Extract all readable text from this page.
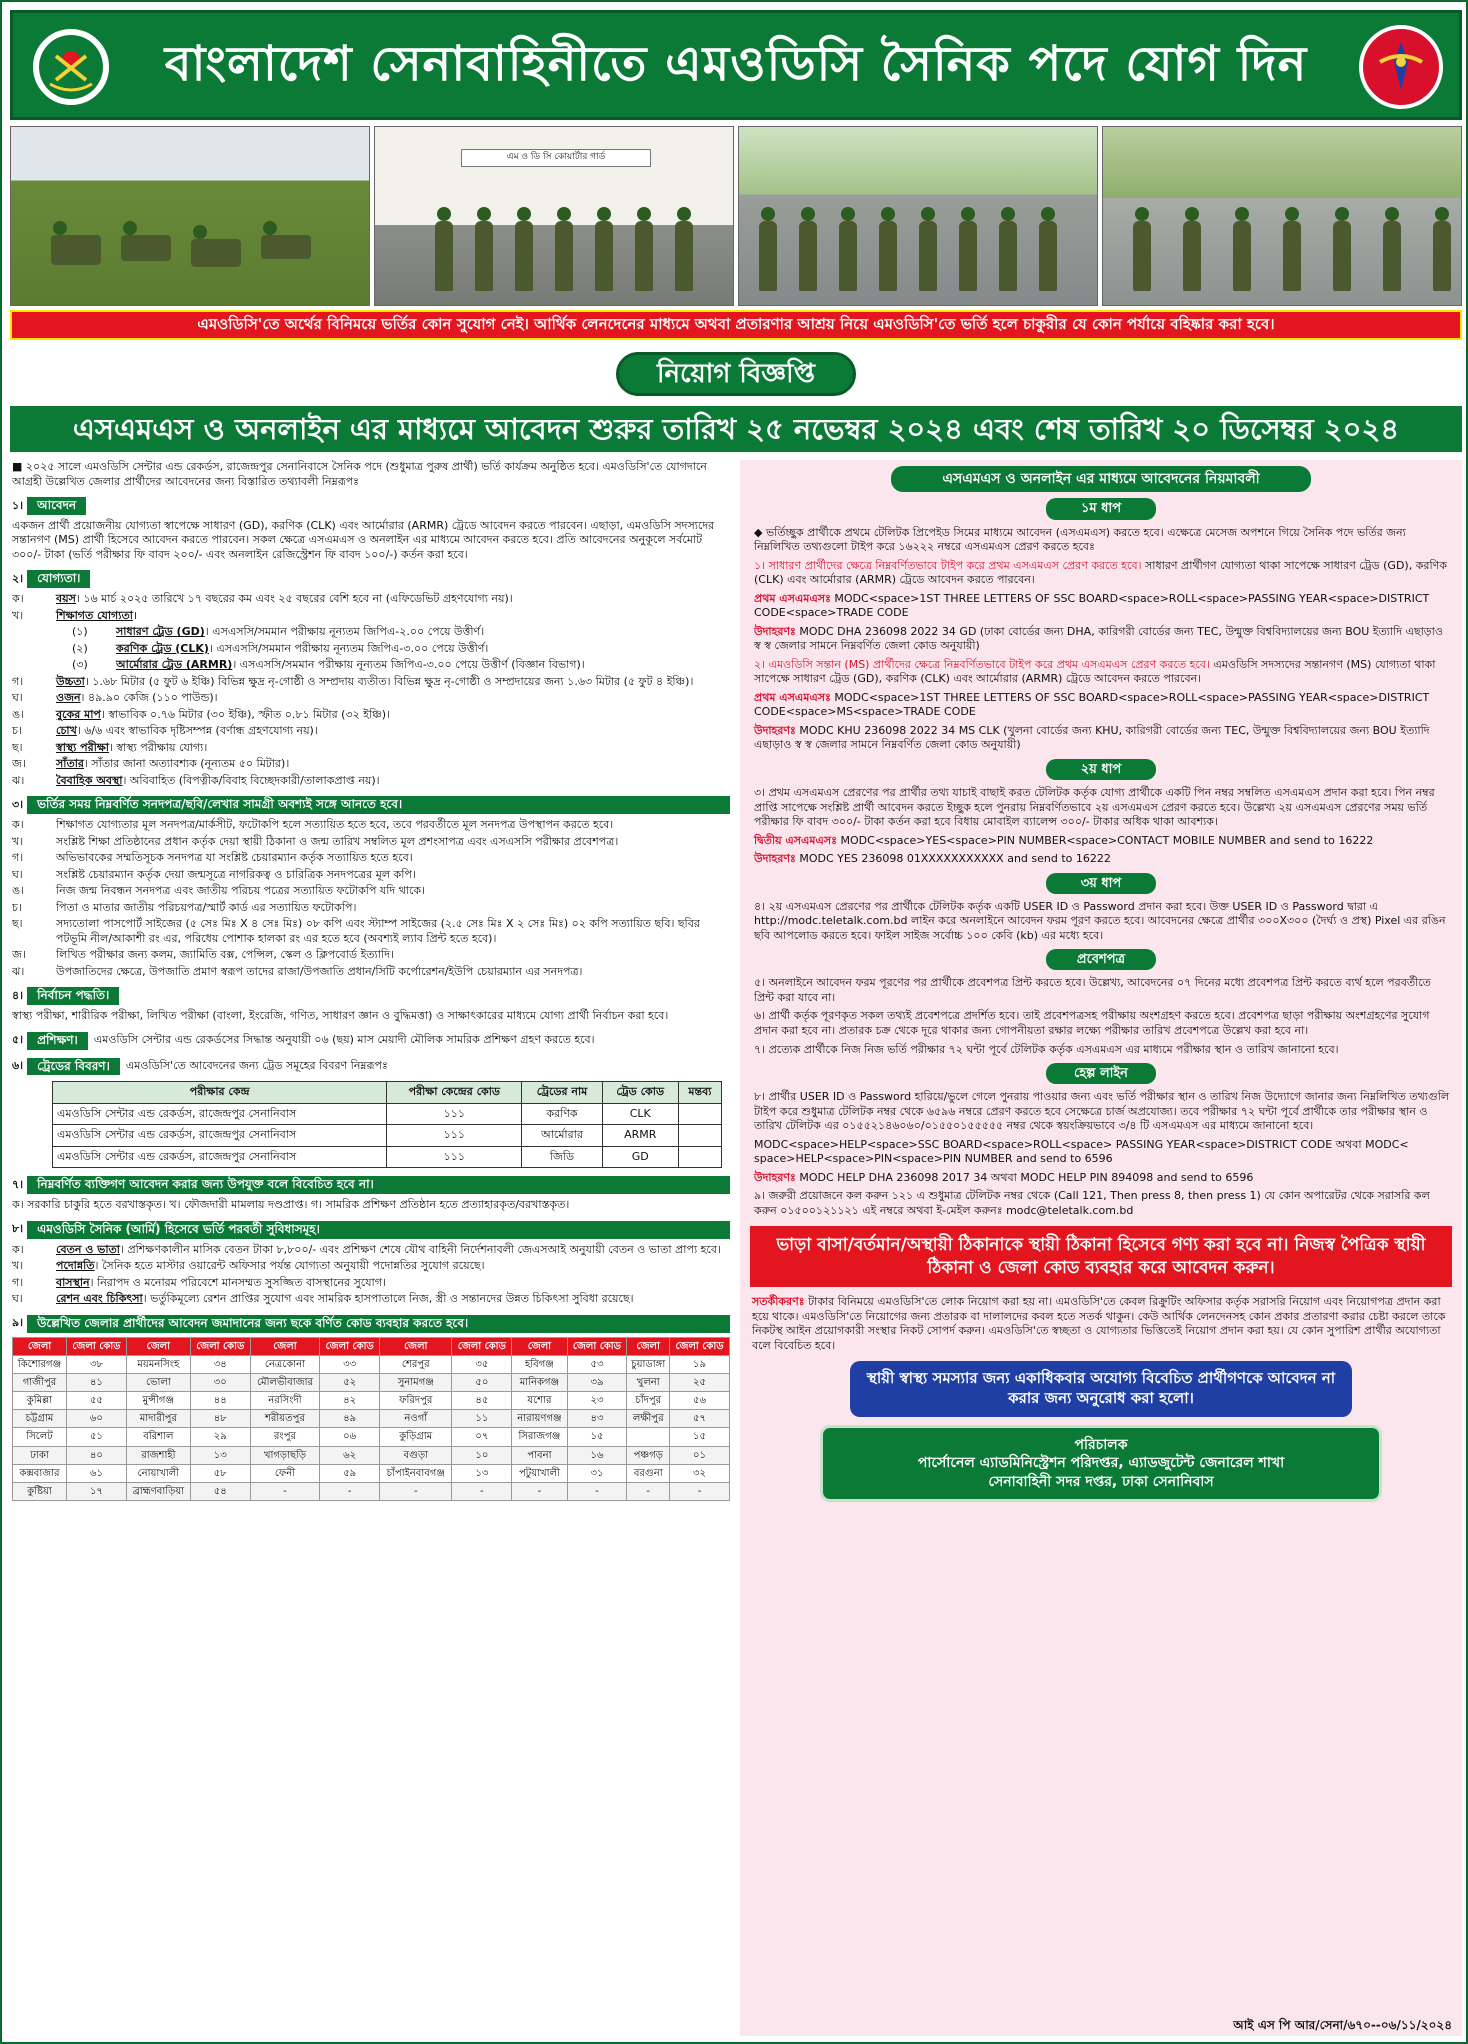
বাংলাদেশ সেনাবাহিনীতে এমওডিসি সৈনিক পদে যোগ দিন
এম ও ডি সি কোয়ার্টার গার্ড
এমওডিসি'তে অর্থের বিনিময়ে ভর্তির কোন সুযোগ নেই। আর্থিক লেনদেনের মাধ্যমে অথবা প্রতারণার আশ্রয় নিয়ে এমওডিসি'তে ভর্তি হলে চাকুরীর যে কোন পর্যায়ে বহিষ্কার করা হবে।
নিয়োগ বিজ্ঞপ্তি
এসএমএস ও অনলাইন এর মাধ্যমে আবেদন শুরুর তারিখ ২৫ নভেম্বর ২০২৪ এবং শেষ তারিখ ২০ ডিসেম্বর ২০২৪
■ ২০২৫ সালে এমওডিসি সেন্টার এন্ড রেকর্ডস, রাজেন্দ্রপুর সেনানিবাসে সৈনিক পদে (শুধুমাত্র পুরুষ প্রার্থী) ভর্তি কার্যক্রম অনুষ্ঠিত হবে। এমওডিসি'তে যোগদানে আগ্রহী উল্লেখিত জেলার প্রার্থীদের আবেদনের জন্য বিস্তারিত তথ্যাবলী নিম্নরূপঃ
১।	আবেদন
একজন প্রার্থী প্রয়োজনীয় যোগ্যতা স্বাপেক্ষে সাধারণ (GD), করণিক (CLK) এবং আর্মোরার (ARMR) ট্রেডে আবেদন করতে পারবেন। এছাড়া, এমওডিসি সদস্যদের সন্তানগণ (MS) প্রার্থী হিসেবে আবেদন করতে পারবেন। সকল ক্ষেত্রে এসএমএস ও অনলাইন এর মাধ্যমে আবেদন করতে হবে। প্রতি আবেদনের অনুকূলে সর্বমোট ৩০০/- টাকা (ভর্তি পরীক্ষার ফি বাবদ ২০০/- এবং অনলাইন রেজিস্ট্রেশন ফি বাবদ ১০০/-) কর্তন করা হবে।
২।	যোগ্যতা।
ক।	বয়স। ১৬ মার্চ ২০২৫ তারিখে ১৭ বছরের কম এবং ২৫ বছরের বেশি হবে না (এফিডেভিট গ্রহণযোগ্য নয়)।
খ।	শিক্ষাগত যোগ্যতা।
(১)	সাধারণ ট্রেড (GD)। এসএসসি/সমমান পরীক্ষায় নূন্যতম জিপিএ-২.০০ পেয়ে উত্তীর্ণ।
(২)	করণিক ট্রেড (CLK)। এসএসসি/সমমান পরীক্ষায় নূন্যতম জিপিএ-৩.০০ পেয়ে উত্তীর্ণ।
(৩)	আর্মোরার ট্রেড (ARMR)। এসএসসি/সমমান পরীক্ষায় নূন্যতম জিপিএ-৩.০০ পেয়ে উত্তীর্ণ (বিজ্ঞান বিভাগ)।
গ।	উচ্চতা। ১.৬৮ মিটার (৫ ফুট ৬ ইঞ্চি) বিভিন্ন ক্ষুদ্র নৃ-গোষ্ঠী ও সম্প্রদায় ব্যতীত। বিভিন্ন ক্ষুদ্র নৃ-গোষ্ঠী ও সম্প্রদায়ের জন্য ১.৬৩ মিটার (৫ ফুট ৪ ইঞ্চি)।
ঘ।	ওজন। ৪৯.৯০ কেজি (১১০ পাউন্ড)।
ঙ।	বুকের মাপ। স্বাভাবিক ০.৭৬ মিটার (৩০ ইঞ্চি), স্ফীত ০.৮১ মিটার (৩২ ইঞ্চি)।
চ।	চোখ। ৬/৬ এবং স্বাভাবিক দৃষ্টিসম্পন্ন (বর্ণান্ধ গ্রহণযোগ্য নয়)।
ছ।	স্বাস্থ্য পরীক্ষা। স্বাস্থ্য পরীক্ষায় যোগ্য।
জ।	সাঁতার। সাঁতার জানা অত্যাবশ্যক (নূন্যতম ৫০ মিটার)।
ঝ।	বৈবাহিক অবস্থা। অবিবাহিত (বিপত্নীক/বিবাহ বিচ্ছেদকারী/তালাকপ্রাপ্ত নয়)।
৩।	ভর্তির সময় নিম্নবর্ণিত সনদপত্র/ছবি/লেখার সামগ্রী অবশ্যই সঙ্গে আনতে হবে।
ক।	শিক্ষাগত যোগ্যতার মূল সনদপত্র/মার্কসীট, ফটোকপি হলে সত্যায়িত হতে হবে, তবে পরবর্তীতে মূল সনদপত্র উপস্থাপন করতে হবে।
খ।	সংশ্লিষ্ট শিক্ষা প্রতিষ্ঠানের প্রধান কর্তৃক দেয়া স্থায়ী ঠিকানা ও জন্ম তারিখ সম্বলিত মূল প্রশংসাপত্র এবং এসএসসি পরীক্ষার প্রবেশপত্র।
গ।	অভিভাবকের সম্মতিসূচক সনদপত্র যা সংশ্লিষ্ট চেয়ারম্যান কর্তৃক সত্যায়িত হতে হবে।
ঘ।	সংশ্লিষ্ট চেয়ারম্যান কর্তৃক দেয়া জন্মসূত্রে নাগরিকত্ব ও চারিত্রিক সনদপত্রের মূল কপি।
ঙ।	নিজ জন্ম নিবন্ধন সনদপত্র এবং জাতীয় পরিচয় পত্রের সত্যায়িত ফটোকপি যদি থাকে।
চ।	পিতা ও মাতার জাতীয় পরিচয়পত্র/স্মার্ট কার্ড এর সত্যায়িত ফটোকপি।
ছ।	সদ্যতোলা পাসপোর্ট সাইজের (৫ সেঃ মিঃ X ৪ সেঃ মিঃ) ০৮ কপি এবং স্ট্যাম্প সাইজের (২.৫ সেঃ মিঃ X ২ সেঃ মিঃ) ০২ কপি সত্যায়িত ছবি। ছবির পটভূমি নীল/আকাশী রং এর, পরিধেয় পোশাক হালকা রং এর হতে হবে (অবশ্যই ল্যাব প্রিন্ট হতে হবে)।
জ।	লিখিত পরীক্ষার জন্য কলম, জ্যামিতি বক্স, পেন্সিল, স্কেল ও ক্লিপবোর্ড ইত্যাদি।
ঝ।	উপজাতিদের ক্ষেত্রে, উপজাতি প্রমাণ স্বরূপ তাদের রাজা/উপজাতি প্রধান/সিটি কর্পোরেশন/ইউপি চেয়ারম্যান এর সনদপত্র।
৪।	নির্বাচন পদ্ধতি।
স্বাস্থ্য পরীক্ষা, শারীরিক পরীক্ষা, লিখিত পরীক্ষা (বাংলা, ইংরেজি, গণিত, সাধারণ জ্ঞান ও বুদ্ধিমত্তা) ও সাক্ষাৎকারের মাধ্যমে যোগ্য প্রার্থী নির্বাচন করা হবে।
৫।	প্রশিক্ষণ।	এমওডিসি সেন্টার এন্ড রেকর্ডসের সিদ্ধান্ত অনুযায়ী ০৬ (ছয়) মাস মেয়াদী মৌলিক সামরিক প্রশিক্ষণ গ্রহণ করতে হবে।
৬।	ট্রেডের বিবরণ।	এমওডিসি'তে আবেদনের জন্য ট্রেড সমূহের বিবরণ নিম্নরূপঃ
পরীক্ষার কেন্দ্র	পরীক্ষা কেন্দ্রের কোড	ট্রেডের নাম	ট্রেড কোড	মন্তব্য
এমওডিসি সেন্টার এন্ড রেকর্ডস, রাজেন্দ্রপুর সেনানিবাস	১১১	করণিক	CLK	
এমওডিসি সেন্টার এন্ড রেকর্ডস, রাজেন্দ্রপুর সেনানিবাস	১১১	আর্মোরার	ARMR	
এমওডিসি সেন্টার এন্ড রেকর্ডস, রাজেন্দ্রপুর সেনানিবাস	১১১	জিডি	GD	
৭।	নিম্নবর্ণিত ব্যক্তিগণ আবেদন করার জন্য উপযুক্ত বলে বিবেচিত হবে না।
ক। সরকারি চাকুরি হতে বরখাস্তকৃত। খ। ফৌজদারী মামলায় দণ্ডপ্রাপ্ত। গ। সামরিক প্রশিক্ষণ প্রতিষ্ঠান হতে প্রত্যাহারকৃত/বরখাস্তকৃত।
৮।	এমওডিসি সৈনিক (আর্মি) হিসেবে ভর্তি পরবর্তী সুবিধাসমূহ।
ক।	বেতন ও ভাতা। প্রশিক্ষণকালীন মাসিক বেতন টাকা ৮,৮০০/- এবং প্রশিক্ষণ শেষে যৌথ বাহিনী নির্দেশনাবলী জেএসআই অনুযায়ী বেতন ও ভাতা প্রাপ্য হবে।
খ।	পদোন্নতি। সৈনিক হতে মাস্টার ওয়ারেন্ট অফিসার পর্যন্ত যোগ্যতা অনুযায়ী পদোন্নতির সুযোগ রয়েছে।
গ।	বাসস্থান। নিরাপদ ও মনোরম পরিবেশে মানসম্মত সুসজ্জিত বাসস্থানের সুযোগ।
ঘ।	রেশন এবং চিকিৎসা। ভর্তুকিমূল্যে রেশন প্রাপ্তির সুযোগ এবং সামরিক হাসপাতালে নিজ, স্ত্রী ও সন্তানদের উন্নত চিকিৎসা সুবিধা রয়েছে।
৯।	উল্লেখিত জেলার প্রার্থীদের আবেদন জমাদানের জন্য ছকে বর্ণিত কোড ব্যবহার করতে হবে।
জেলা	জেলা কোড	জেলা	জেলা কোড	জেলা	জেলা কোড	জেলা	জেলা কোড	জেলা	জেলা কোড	জেলা	জেলা কোড
কিশোরগঞ্জ	৩৮	ময়মনসিংহ	৩৪	নেত্রকোনা	৩৩	শেরপুর	৩৫	হবিগঞ্জ	৫৩	চুয়াডাঙ্গা	১৯
গাজীপুর	৪১	ভোলা	৩০	মৌলভীবাজার	৫২	সুনামগঞ্জ	৫০	মানিকগঞ্জ	৩৯	খুলনা	২৫
কুমিল্লা	৫৫	মুন্সীগঞ্জ	৪৪	নরসিংদী	৪২	ফরিদপুর	৪৫	যশোর	২৩	চাঁদপুর	৫৬
চট্টগ্রাম	৬০	মাদারীপুর	৪৮	শরীয়তপুর	৪৯	নওগাঁ	১১	নারায়ণগঞ্জ	৪৩	লক্ষীপুর	৫৭
সিলেট	৫১	বরিশাল	২৯	রংপুর	০৬	কুড়িগ্রাম	০৭	সিরাজগঞ্জ	১৫		১৫
ঢাকা	৪০	রাজশাহী	১৩	খাগড়াছড়ি	৬২	বগুড়া	১০	পাবনা	১৬	পঞ্চগড়	০১
কক্সবাজার	৬১	নোয়াখালী	৫৮	ফেনী	৫৯	চাঁপাইনবাবগঞ্জ	১৩	পটুয়াখালী	৩১	বরগুনা	৩২
কুষ্টিয়া	১৭	ব্রাহ্মণবাড়িয়া	৫৪	-	-	-	-	-	-	-	-
এসএমএস ও অনলাইন এর মাধ্যমে আবেদনের নিয়মাবলী
১ম ধাপ
◆ ভর্তিচ্ছুক প্রার্থীকে প্রথমে টেলিটক প্রিপেইড সিমের মাধ্যমে আবেদন (এসএমএস) করতে হবে। এক্ষেত্রে মেসেজ অপশনে গিয়ে সৈনিক পদে ভর্তির জন্য নিম্নলিখিত তথ্যগুলো টাইপ করে ১৬২২২ নম্বরে এসএমএস প্রেরণ করতে হবেঃ
১। সাধারণ প্রার্থীদের ক্ষেত্রে নিম্নবর্ণিতভাবে টাইপ করে প্রথম এসএমএস প্রেরণ করতে হবে। সাধারণ প্রার্থীগণ যোগ্যতা থাকা সাপেক্ষে সাধারণ ট্রেড (GD), করণিক (CLK) এবং আর্মোরার (ARMR) ট্রেডে আবেদন করতে পারবেন।
প্রথম এসএমএসঃ MODC<space>1ST THREE LETTERS OF SSC BOARD<space>ROLL<space>PASSING YEAR<space>DISTRICT CODE<space>TRADE CODE
উদাহরণঃ MODC DHA 236098 2022 34 GD (ঢাকা বোর্ডের জন্য DHA, কারিগরী বোর্ডের জন্য TEC, উন্মুক্ত বিশ্ববিদ্যালয়ের জন্য BOU ইত্যাদি এছাড়াও স্ব স্ব জেলার সামনে নিম্নবর্ণিত জেলা কোড অনুযায়ী)
২। এমওডিসি সন্তান (MS) প্রার্থীদের ক্ষেত্রে নিম্নবর্ণিতভাবে টাইপ করে প্রথম এসএমএস প্রেরণ করতে হবে। এমওডিসি সদস্যদের সন্তানগণ (MS) যোগ্যতা থাকা সাপেক্ষে সাধারণ ট্রেড (GD), করণিক (CLK) এবং আর্মোরার (ARMR) ট্রেডে আবেদন করতে পারবেন।
প্রথম এসএমএসঃ MODC<space>1ST THREE LETTERS OF SSC BOARD<space>ROLL<space>PASSING YEAR<space>DISTRICT CODE<space>MS<space>TRADE CODE
উদাহরণঃ MODC KHU 236098 2022 34 MS CLK (খুলনা বোর্ডের জন্য KHU, কারিগরী বোর্ডের জন্য TEC, উন্মুক্ত বিশ্ববিদ্যালয়ের জন্য BOU ইত্যাদি এছাড়াও স্ব স্ব জেলার সামনে নিম্নবর্ণিত জেলা কোড অনুযায়ী)
২য় ধাপ
৩। প্রথম এসএমএস প্রেরণের পর প্রার্থীর তথ্য যাচাই বাছাই করত টেলিটক কর্তৃক যোগ্য প্রার্থীকে একটি পিন নম্বর সম্বলিত এসএমএস প্রদান করা হবে। পিন নম্বর প্রাপ্তি সাপেক্ষে সংশ্লিষ্ট প্রার্থী আবেদন করতে ইচ্ছুক হলে পুনরায় নিম্নবর্ণিতভাবে ২য় এসএমএস প্রেরণ করতে হবে। উল্লেখ্য ২য় এসএমএস প্রেরণের সময় ভর্তি পরীক্ষার ফি বাবদ ৩০০/- টাকা কর্তন করা হবে বিধায় মোবাইল ব্যালেন্স ৩০০/- টাকার অধিক থাকা আবশ্যক।
দ্বিতীয় এসএমএসঃ MODC<space>YES<space>PIN NUMBER<space>CONTACT MOBILE NUMBER and send to 16222
উদাহরণঃ MODC YES 236098 01XXXXXXXXXXX and send to 16222
৩য় ধাপ
৪। ২য় এসএমএস প্রেরণের পর প্রার্থীকে টেলিটক কর্তৃক একটি USER ID ও Password প্রদান করা হবে। উক্ত USER ID ও Password দ্বারা এ http://modc.teletalk.com.bd লাইন করে অনলাইনে আবেদন ফরম পূরণ করতে হবে। আবেদনের ক্ষেত্রে প্রার্থীর ৩০০X৩০০ (দৈর্ঘ্য ও প্রস্থ) Pixel এর রঙিন ছবি আপলোড করতে হবে। ফাইল সাইজ সর্বোচ্চ ১০০ কেবি (kb) এর মধ্যে হবে।
প্রবেশপত্র
৫। অনলাইনে আবেদন ফরম পূরণের পর প্রার্থীকে প্রবেশপত্র প্রিন্ট করতে হবে। উল্লেখ্য, আবেদনের ০৭ দিনের মধ্যে প্রবেশপত্র প্রিন্ট করতে ব্যর্থ হলে পরবর্তীতে প্রিন্ট করা যাবে না।
৬। প্রার্থী কর্তৃক পূরণকৃত সকল তথ্যই প্রবেশপত্রে প্রদর্শিত হবে। তাই প্রবেশপত্রসহ পরীক্ষায় অংশগ্রহণ করতে হবে। প্রবেশপত্র ছাড়া পরীক্ষায় অংশগ্রহণের সুযোগ প্রদান করা হবে না। প্রতারক চক্র থেকে দূরে থাকার জন্য গোপনীয়তা রক্ষার লক্ষ্যে পরীক্ষার তারিখ প্রবেশপত্রে উল্লেখ করা হবে না।
৭। প্রত্যেক প্রার্থীকে নিজ নিজ ভর্তি পরীক্ষার ৭২ ঘন্টা পূর্বে টেলিটক কর্তৃক এসএমএস এর মাধ্যমে পরীক্ষার স্থান ও তারিখ জানানো হবে।
হেল্প লাইন
৮। প্রার্থীর USER ID ও Password হারিয়ে/ভুলে গেলে পুনরায় পাওয়ার জন্য এবং ভর্তি পরীক্ষার স্থান ও তারিখ নিজ উদ্যোগে জানার জন্য নিম্নলিখিত তথ্যগুলি টাইপ করে শুধুমাত্র টেলিটক নম্বর থেকে ৬৫৯৬ নম্বরে প্রেরণ করতে হবে সেক্ষেত্রে চার্জ অপ্রযোজ্য। তবে পরীক্ষার ৭২ ঘন্টা পূর্বে প্রার্থীকে তার পরীক্ষার স্থান ও তারিখ টেলিটক এর ০১৫৫২১৪৬০৬০/০১৫৫০১৫৫৫৫৫ নম্বর থেকে স্বয়ংক্রিয়ভাবে ৩/৪ টি এসএমএস এর মাধ্যমে জানানো হবে।
MODC<space>HELP<space>SSC BOARD<space>ROLL<space> PASSING YEAR<space>DISTRICT CODE অথবা MODC< space>HELP<space>PIN<space>PIN NUMBER and send to 6596
উদাহরণঃ MODC HELP DHA 236098 2017 34 অথবা MODC HELP PIN 894098 and send to 6596
৯। জরুরী প্রয়োজনে কল করুন ১২১ এ শুধুমাত্র টেলিটক নম্বর থেকে (Call 121, Then press 8, then press 1) যে কোন অপারেটর থেকে সরাসরি কল করুন ০১৫০০১২১১২১ এই নম্বরে অথবা ই-মেইল করুনঃ modc@teletalk.com.bd
ভাড়া বাসা/বর্তমান/অস্থায়ী ঠিকানাকে স্থায়ী ঠিকানা হিসেবে গণ্য করা হবে না। নিজস্ব পৈত্রিক স্থায়ী ঠিকানা ও জেলা কোড ব্যবহার করে আবেদন করুন।
সতর্কীকরণঃ টাকার বিনিময়ে এমওডিসি'তে লোক নিয়োগ করা হয় না। এমওডিসি'তে কেবল রিক্রুটিং অফিসার কর্তৃক সরাসরি নিয়োগ এবং নিয়োগপত্র প্রদান করা হয়ে থাকে। এমওডিসি'তে নিয়োগের জন্য প্রতারক বা দালালদের কবল হতে সতর্ক থাকুন। কেউ আর্থিক লেনদেনসহ কোন প্রকার প্রতারণা করার চেষ্টা করলে তাকে নিকটস্থ আইন প্রয়োগকারী সংস্থার নিকট সোপর্দ করুন। এমওডিসি'তে স্বচ্ছতা ও যোগ্যতার ভিত্তিতেই নিয়োগ প্রদান করা হয়। যে কোন সুপারিশ প্রার্থীর অযোগ্যতা বলে বিবেচিত হবে।
স্থায়ী স্বাস্থ্য সমস্যার জন্য একাধিকবার অযোগ্য বিবেচিত প্রার্থীগণকে আবেদন না করার জন্য অনুরোধ করা হলো।
পরিচালক
পার্সোনেল এ্যাডমিনিস্ট্রেশন পরিদপ্তর, এ্যাডজুটেন্ট জেনারেল শাখা
সেনাবাহিনী সদর দপ্তর, ঢাকা সেনানিবাস
আই এস পি আর/সেনা/৬৭০--০৬/১১/২০২৪
